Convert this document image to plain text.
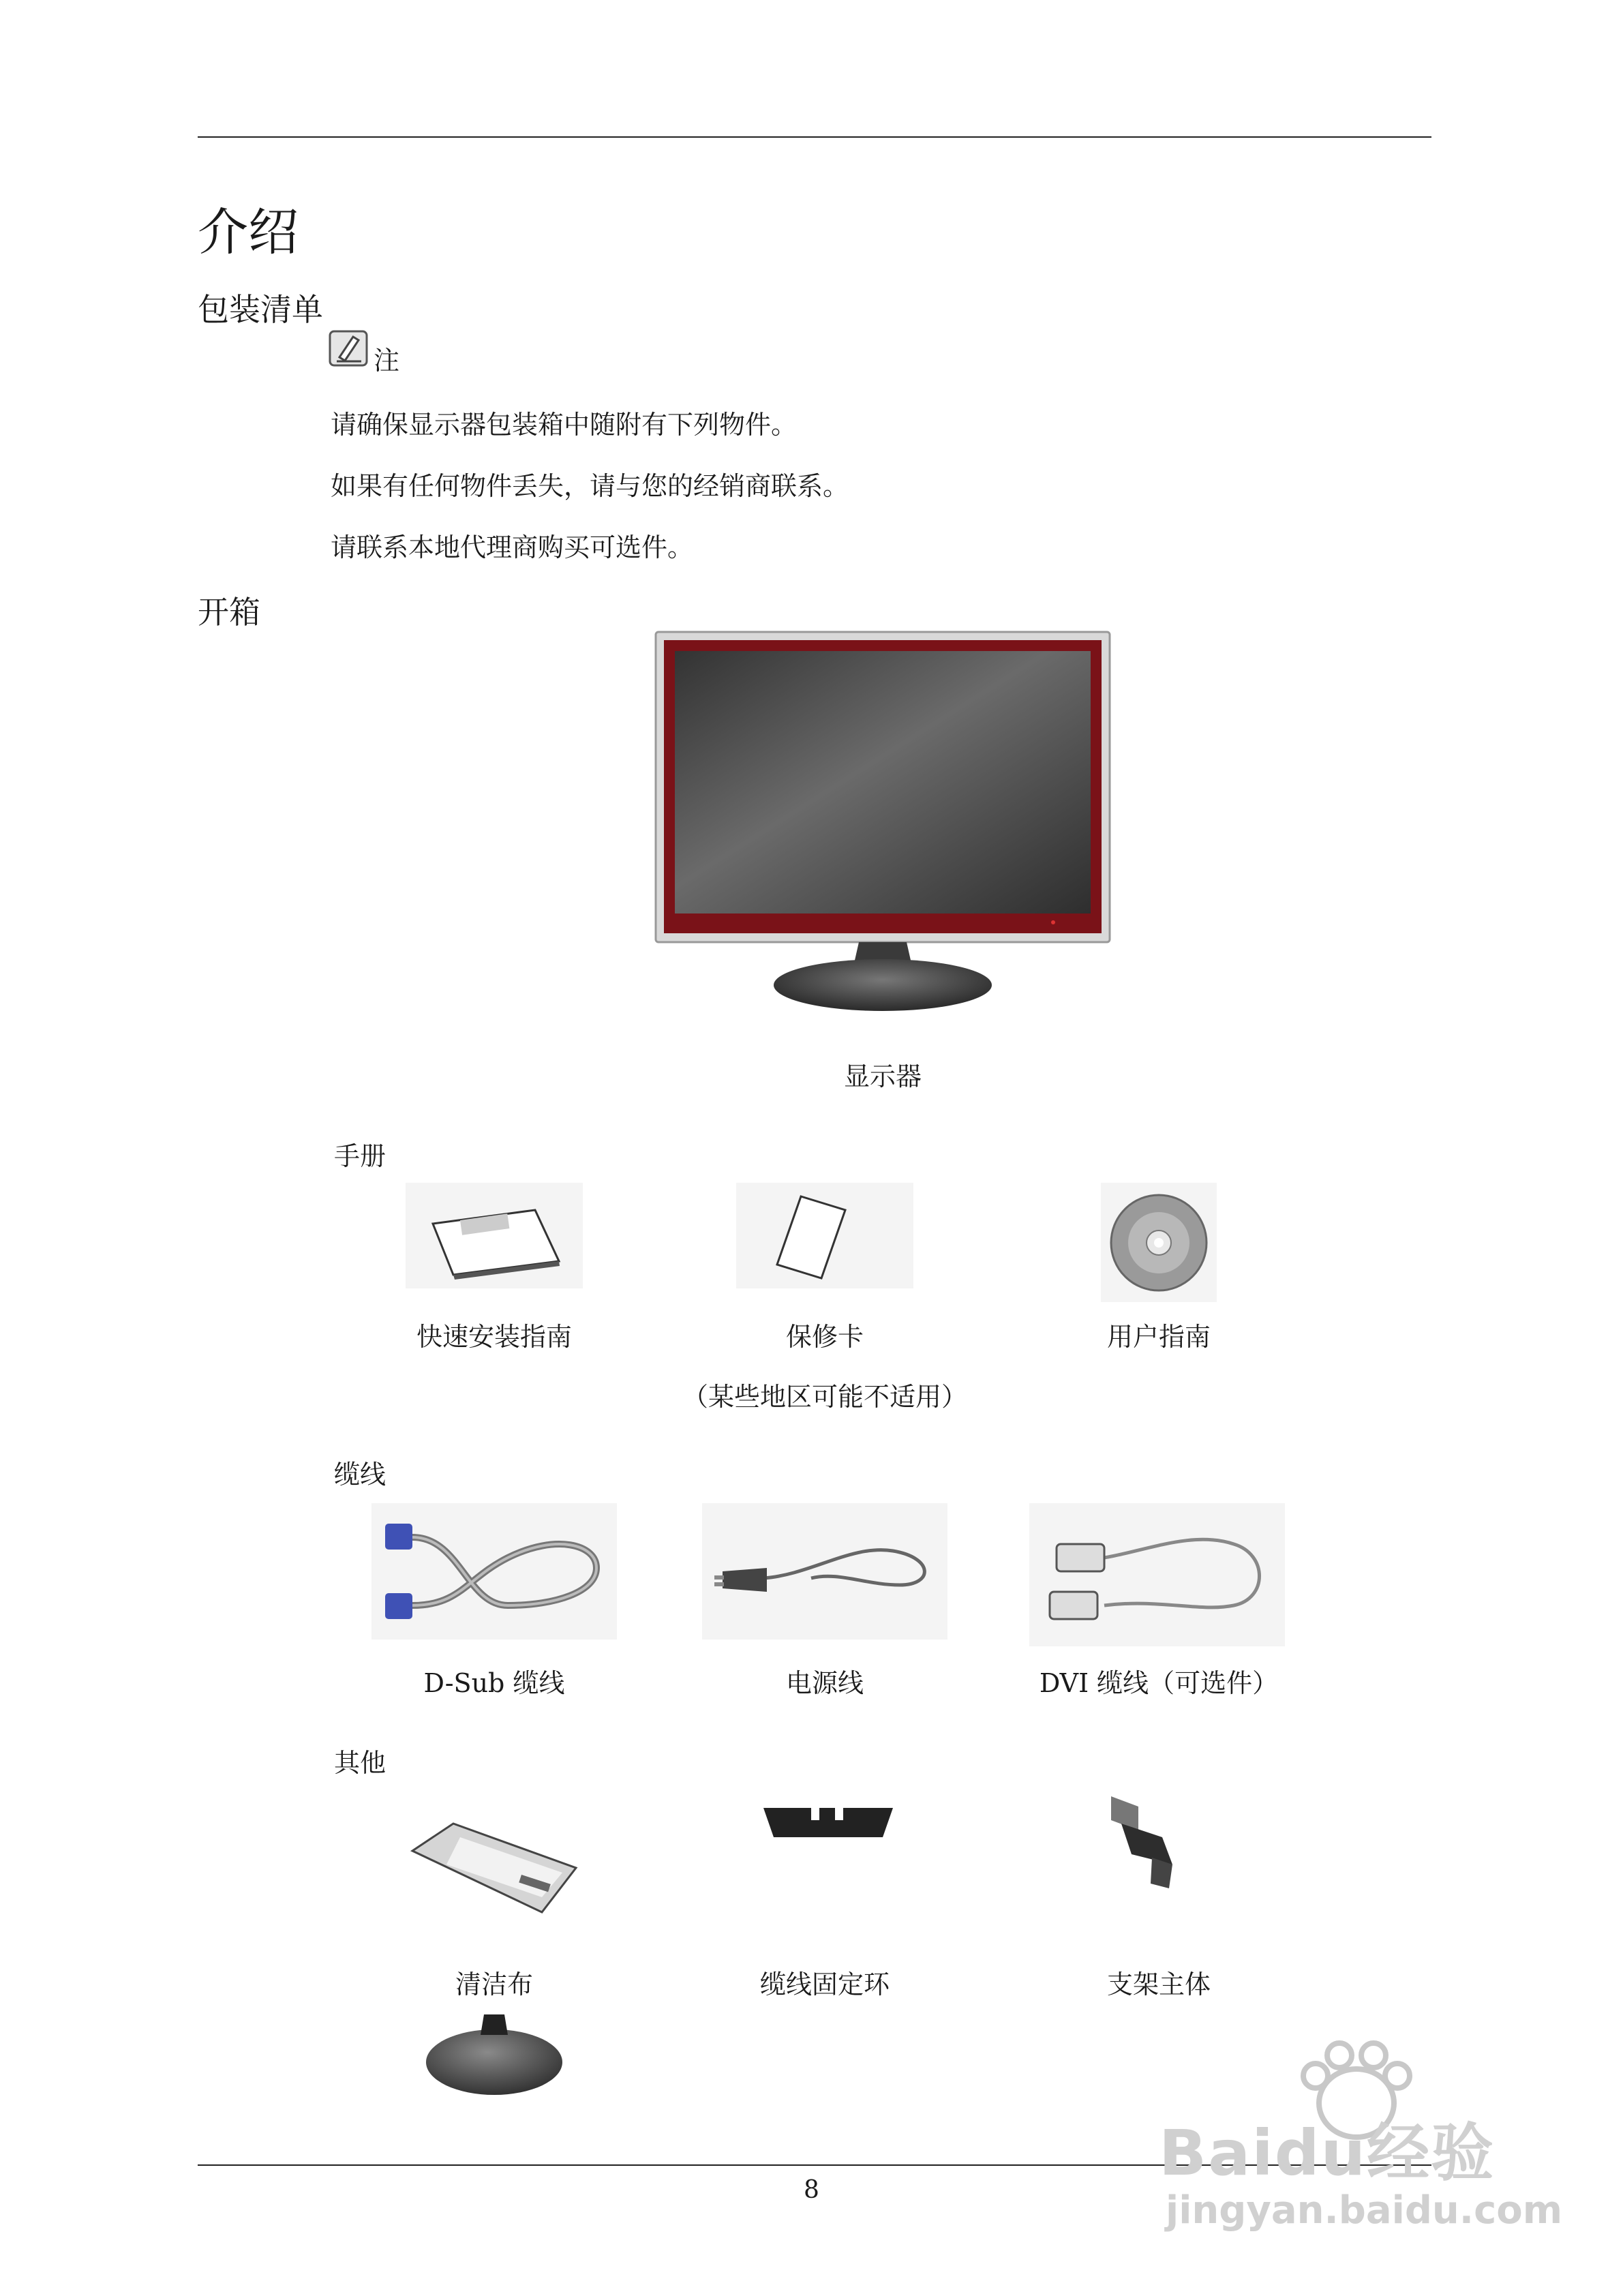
介绍
包装清单
注
请确保显示器包装箱中随附有下列物件。
如果有任何物件丢失，请与您的经销商联系。
请联系本地代理商购买可选件。
开箱
显示器
手册
快速安装指南	保修卡	用户指南
（某些地区可能不适用）
缆线
D-Sub 缆线	电源线	DVI 缆线（可选件）
其他
清洁布	缆线固定环	支架主体
8
Baidu经验
jingyan.baidu.com
